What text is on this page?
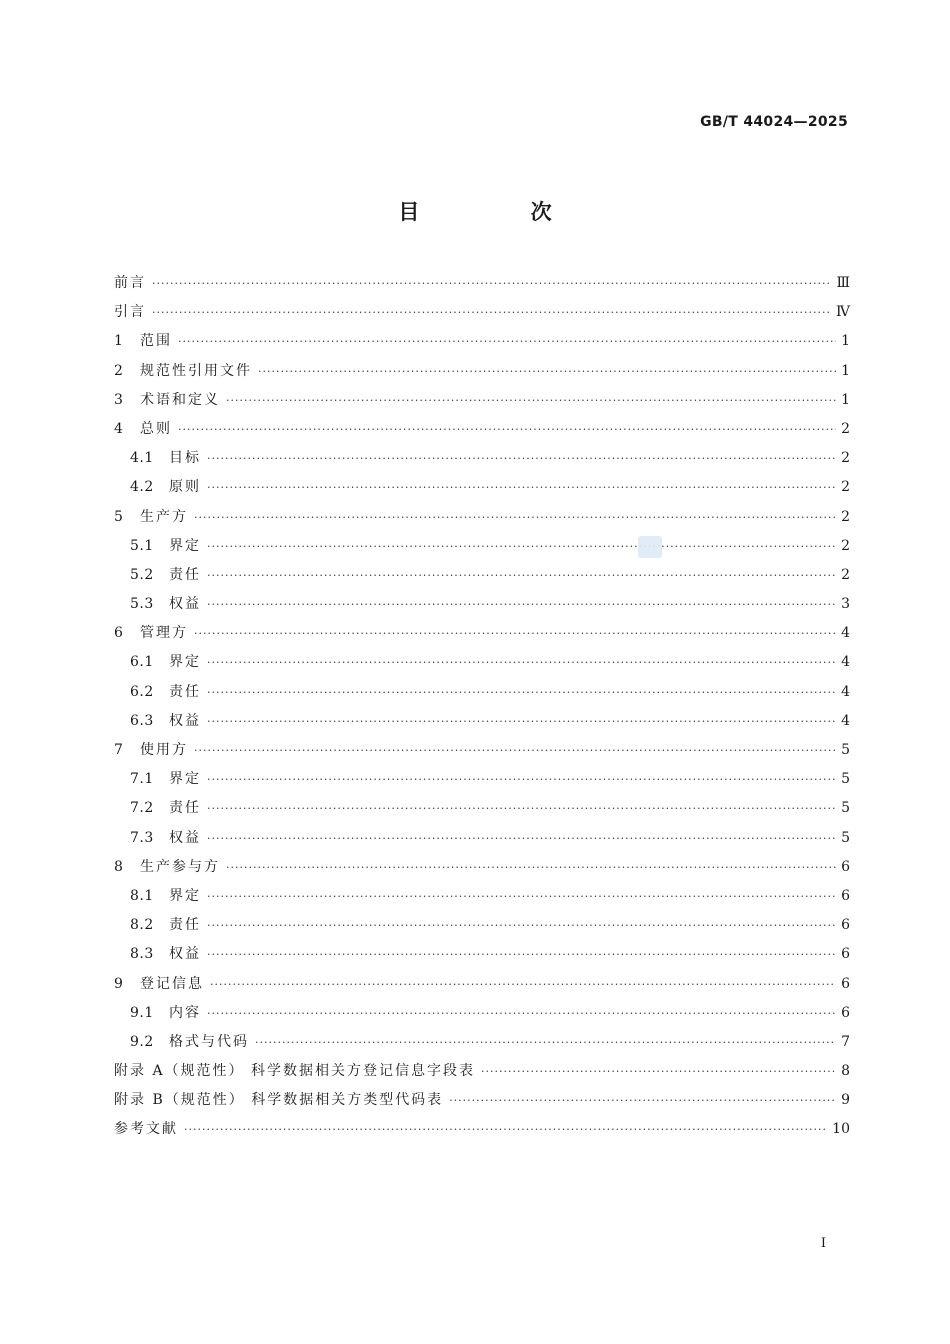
GB/T 44024—2025
目 次
前言 ·····	Ⅲ
引言 ·····	Ⅳ
1	范围 ·····	1
2	规范性引用文件 ·····	1
3	术语和定义 ·····	1
4	总则 ·····	2
4.1	目标 ·····	2
4.2	原则 ·····	2
5	生产方 ·····	2
5.1	界定 ·····	2
5.2	责任 ·····	2
5.3	权益 ·····	3
6	管理方 ·····	4
6.1	界定 ·····	4
6.2	责任 ·····	4
6.3	权益 ·····	4
7	使用方 ·····	5
7.1	界定 ·····	5
7.2	责任 ·····	5
7.3	权益 ·····	5
8	生产参与方 ·····	6
8.1	界定 ·····	6
8.2	责任 ·····	6
8.3	权益 ·····	6
9	登记信息 ·····	6
9.1	内容 ·····	6
9.2	格式与代码 ·····	7
附录 A（规范性） 科学数据相关方登记信息字段表 ·····	8
附录 B（规范性） 科学数据相关方类型代码表 ·····	9
参考文献 ·····	10
I
